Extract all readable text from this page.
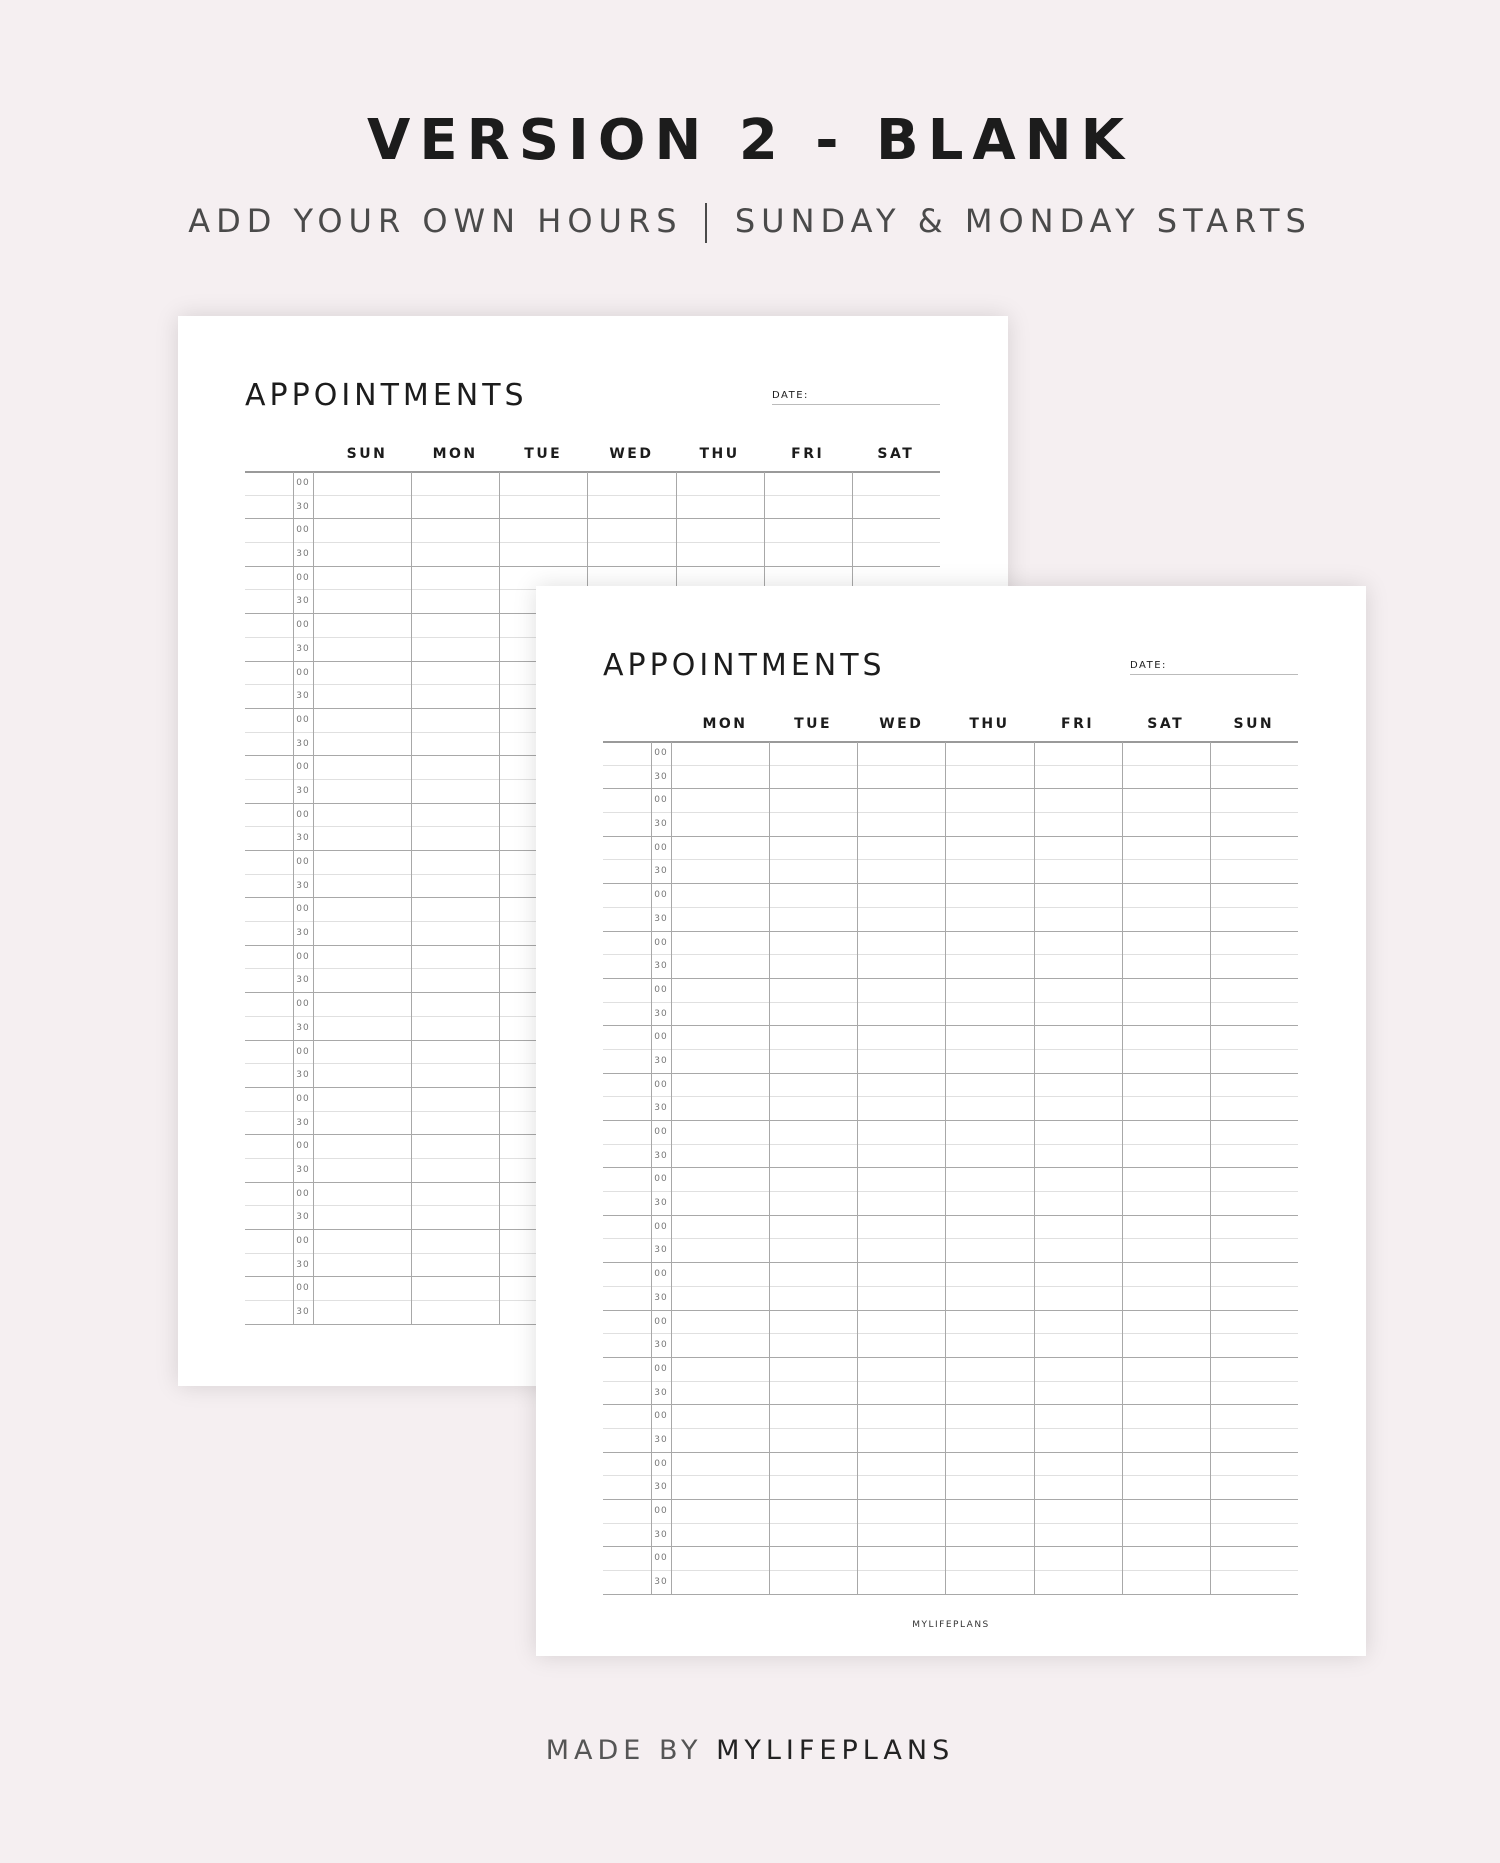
VERSION 2 - BLANK
ADD YOUR OWN HOURS SUNDAY & MONDAY STARTS
APPOINTMENTS	DATE:
SUN	MON	TUE	WED	THU	FRI	SAT
00
30
00
30
00
30
00
30
00
30
00
30
00
30
00
30
00
30
00
30
00
30
00
30
00
30
00
30
00
30
00
30
00
30
00
30
APPOINTMENTS	DATE:
MON	TUE	WED	THU	FRI	SAT	SUN
00
30
00
30
00
30
00
30
00
30
00
30
00
30
00
30
00
30
00
30
00
30
00
30
00
30
00
30
00
30
00
30
00
30
00
30
MYLIFEPLANS
MADE BY MYLIFEPLANS
